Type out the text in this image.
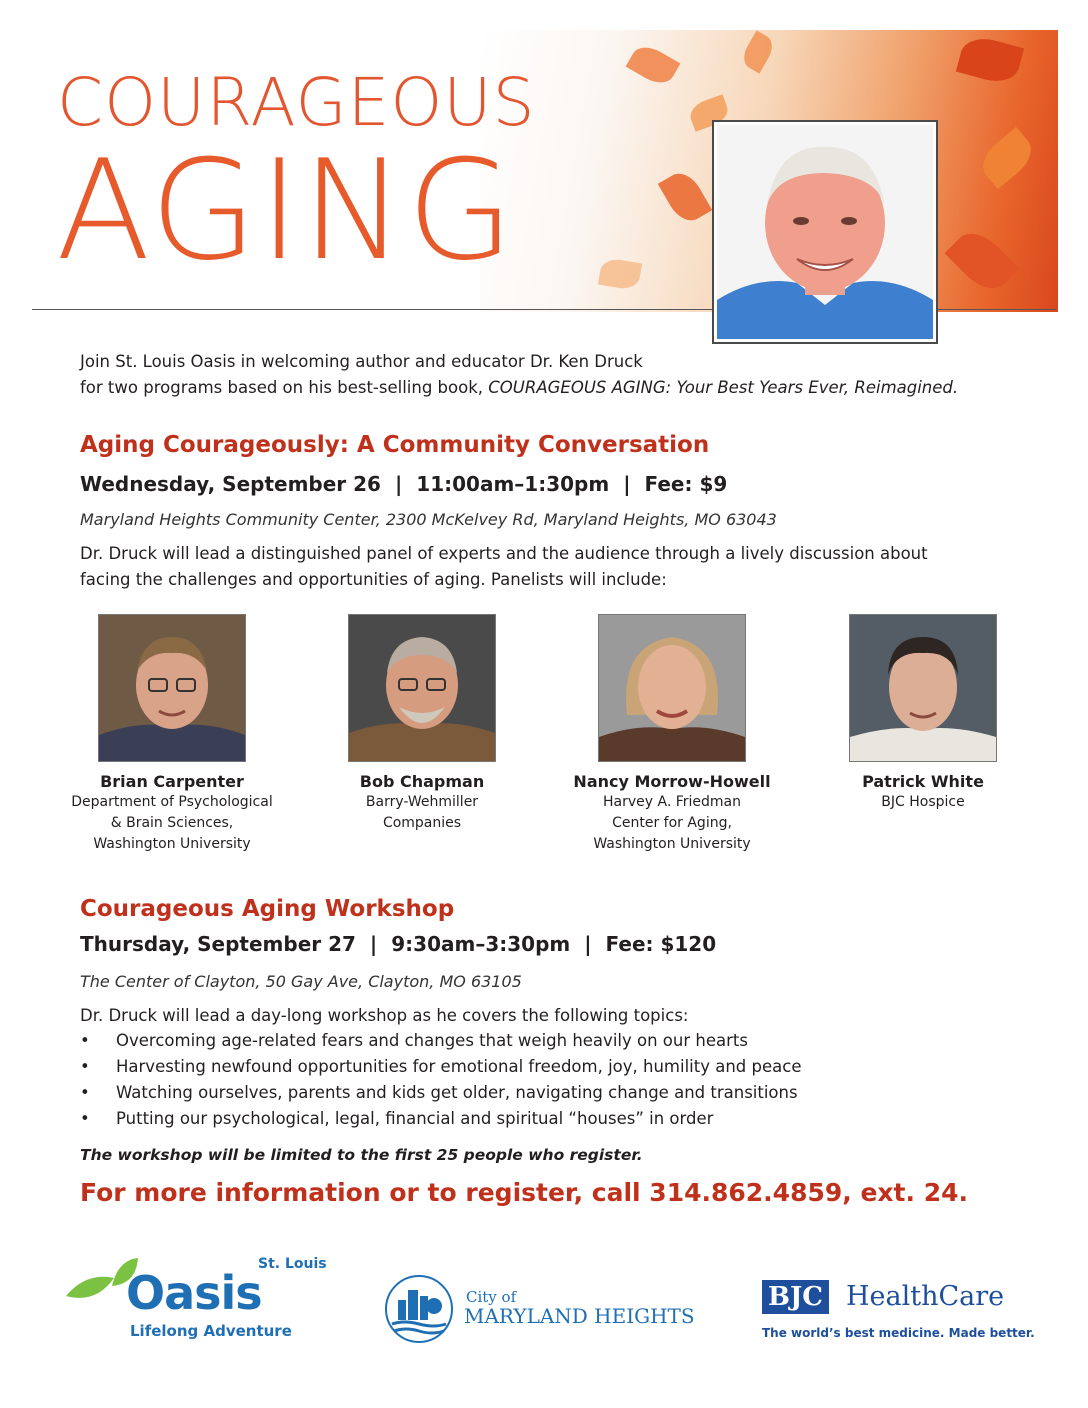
COURAGEOUS
AGING
Join St. Louis Oasis in welcoming author and educator Dr. Ken Druck
for two programs based on his best-selling book, COURAGEOUS AGING: Your Best Years Ever, Reimagined.
Aging Courageously: A Community Conversation
Wednesday, September 26 | 11:00am–1:30pm | Fee: $9
Maryland Heights Community Center, 2300 McKelvey Rd, Maryland Heights, MO 63043
Dr. Druck will lead a distinguished panel of experts and the audience through a lively discussion about
facing the challenges and opportunities of aging. Panelists will include:
Brian Carpenter
Department of Psychological
& Brain Sciences,
Washington University
Bob Chapman
Barry-Wehmiller
Companies
Nancy Morrow-Howell
Harvey A. Friedman
Center for Aging,
Washington University
Patrick White
BJC Hospice
Courageous Aging Workshop
Thursday, September 27 | 9:30am–3:30pm | Fee: $120
The Center of Clayton, 50 Gay Ave, Clayton, MO 63105
Dr. Druck will lead a day-long workshop as he covers the following topics:
• Overcoming age-related fears and changes that weigh heavily on our hearts
• Harvesting newfound opportunities for emotional freedom, joy, humility and peace
• Watching ourselves, parents and kids get older, navigating change and transitions
• Putting our psychological, legal, financial and spiritual “houses” in order
The workshop will be limited to the first 25 people who register.
For more information or to register, call 314.862.4859, ext. 24.
St. Louis
Oasis
Lifelong Adventure
City of
MARYLAND HEIGHTS
BJC HealthCare
The world’s best medicine. Made better.
